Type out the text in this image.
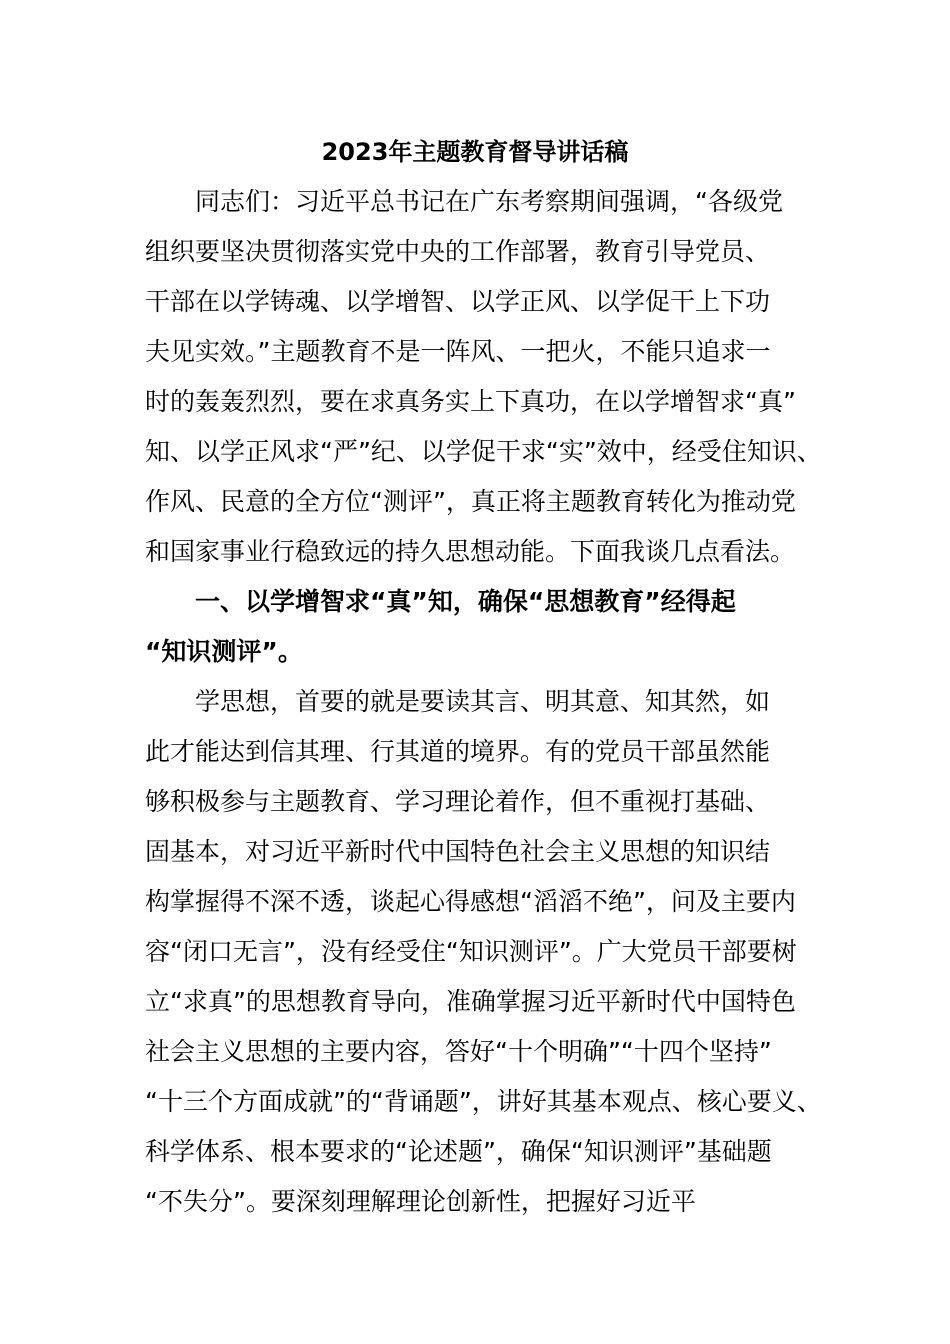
2023年主题教育督导讲话稿
同志们：习近平总书记在广东考察期间强调，“各级党
组织要坚决贯彻落实党中央的工作部署，教育引导党员、
干部在以学铸魂、以学增智、以学正风、以学促干上下功
夫见实效。”主题教育不是一阵风、一把火，不能只追求一
时的轰轰烈烈，要在求真务实上下真功，在以学增智求“真”
知、以学正风求“严”纪、以学促干求“实”效中，经受住知识、
作风、民意的全方位“测评”，真正将主题教育转化为推动党
和国家事业行稳致远的持久思想动能。下面我谈几点看法。
一、以学增智求“真”知，确保“思想教育”经得起
“知识测评”。
学思想，首要的就是要读其言、明其意、知其然，如
此才能达到信其理、行其道的境界。有的党员干部虽然能
够积极参与主题教育、学习理论着作，但不重视打基础、
固基本，对习近平新时代中国特色社会主义思想的知识结
构掌握得不深不透，谈起心得感想“滔滔不绝”，问及主要内
容“闭口无言”，没有经受住“知识测评”。广大党员干部要树
立“求真”的思想教育导向，准确掌握习近平新时代中国特色
社会主义思想的主要内容，答好“十个明确”“十四个坚持”
“十三个方面成就”的“背诵题”，讲好其基本观点、核心要义、
科学体系、根本要求的“论述题”，确保“知识测评”基础题
“不失分”。要深刻理解理论创新性，把握好习近平
